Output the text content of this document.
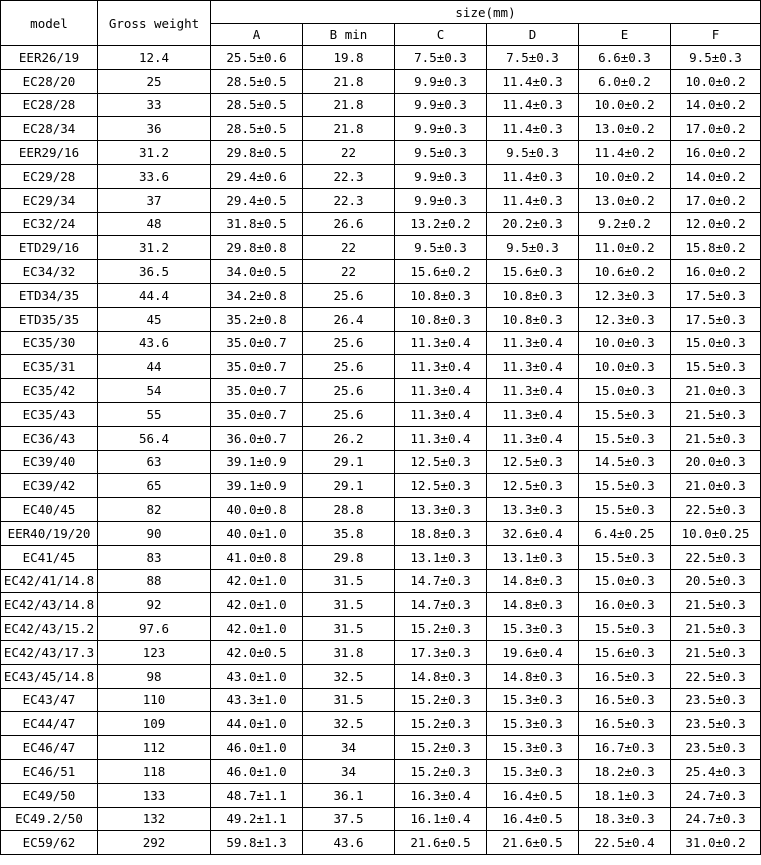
model	Gross weight	size(mm)					
		A	B min	C	D	E	F
EER26/19	12.4	25.5±0.6	19.8	7.5±0.3	7.5±0.3	6.6±0.3	9.5±0.3
EC28/20	25	28.5±0.5	21.8	9.9±0.3	11.4±0.3	6.0±0.2	10.0±0.2
EC28/28	33	28.5±0.5	21.8	9.9±0.3	11.4±0.3	10.0±0.2	14.0±0.2
EC28/34	36	28.5±0.5	21.8	9.9±0.3	11.4±0.3	13.0±0.2	17.0±0.2
EER29/16	31.2	29.8±0.5	22	9.5±0.3	9.5±0.3	11.4±0.2	16.0±0.2
EC29/28	33.6	29.4±0.6	22.3	9.9±0.3	11.4±0.3	10.0±0.2	14.0±0.2
EC29/34	37	29.4±0.5	22.3	9.9±0.3	11.4±0.3	13.0±0.2	17.0±0.2
EC32/24	48	31.8±0.5	26.6	13.2±0.2	20.2±0.3	9.2±0.2	12.0±0.2
ETD29/16	31.2	29.8±0.8	22	9.5±0.3	9.5±0.3	11.0±0.2	15.8±0.2
EC34/32	36.5	34.0±0.5	22	15.6±0.2	15.6±0.3	10.6±0.2	16.0±0.2
ETD34/35	44.4	34.2±0.8	25.6	10.8±0.3	10.8±0.3	12.3±0.3	17.5±0.3
ETD35/35	45	35.2±0.8	26.4	10.8±0.3	10.8±0.3	12.3±0.3	17.5±0.3
EC35/30	43.6	35.0±0.7	25.6	11.3±0.4	11.3±0.4	10.0±0.3	15.0±0.3
EC35/31	44	35.0±0.7	25.6	11.3±0.4	11.3±0.4	10.0±0.3	15.5±0.3
EC35/42	54	35.0±0.7	25.6	11.3±0.4	11.3±0.4	15.0±0.3	21.0±0.3
EC35/43	55	35.0±0.7	25.6	11.3±0.4	11.3±0.4	15.5±0.3	21.5±0.3
EC36/43	56.4	36.0±0.7	26.2	11.3±0.4	11.3±0.4	15.5±0.3	21.5±0.3
EC39/40	63	39.1±0.9	29.1	12.5±0.3	12.5±0.3	14.5±0.3	20.0±0.3
EC39/42	65	39.1±0.9	29.1	12.5±0.3	12.5±0.3	15.5±0.3	21.0±0.3
EC40/45	82	40.0±0.8	28.8	13.3±0.3	13.3±0.3	15.5±0.3	22.5±0.3
EER40/19/20	90	40.0±1.0	35.8	18.8±0.3	32.6±0.4	6.4±0.25	10.0±0.25
EC41/45	83	41.0±0.8	29.8	13.1±0.3	13.1±0.3	15.5±0.3	22.5±0.3
EC42/41/14.8	88	42.0±1.0	31.5	14.7±0.3	14.8±0.3	15.0±0.3	20.5±0.3
EC42/43/14.8	92	42.0±1.0	31.5	14.7±0.3	14.8±0.3	16.0±0.3	21.5±0.3
EC42/43/15.2	97.6	42.0±1.0	31.5	15.2±0.3	15.3±0.3	15.5±0.3	21.5±0.3
EC42/43/17.3	123	42.0±0.5	31.8	17.3±0.3	19.6±0.4	15.6±0.3	21.5±0.3
EC43/45/14.8	98	43.0±1.0	32.5	14.8±0.3	14.8±0.3	16.5±0.3	22.5±0.3
EC43/47	110	43.3±1.0	31.5	15.2±0.3	15.3±0.3	16.5±0.3	23.5±0.3
EC44/47	109	44.0±1.0	32.5	15.2±0.3	15.3±0.3	16.5±0.3	23.5±0.3
EC46/47	112	46.0±1.0	34	15.2±0.3	15.3±0.3	16.7±0.3	23.5±0.3
EC46/51	118	46.0±1.0	34	15.2±0.3	15.3±0.3	18.2±0.3	25.4±0.3
EC49/50	133	48.7±1.1	36.1	16.3±0.4	16.4±0.5	18.1±0.3	24.7±0.3
EC49.2/50	132	49.2±1.1	37.5	16.1±0.4	16.4±0.5	18.3±0.3	24.7±0.3
EC59/62	292	59.8±1.3	43.6	21.6±0.5	21.6±0.5	22.5±0.4	31.0±0.2
